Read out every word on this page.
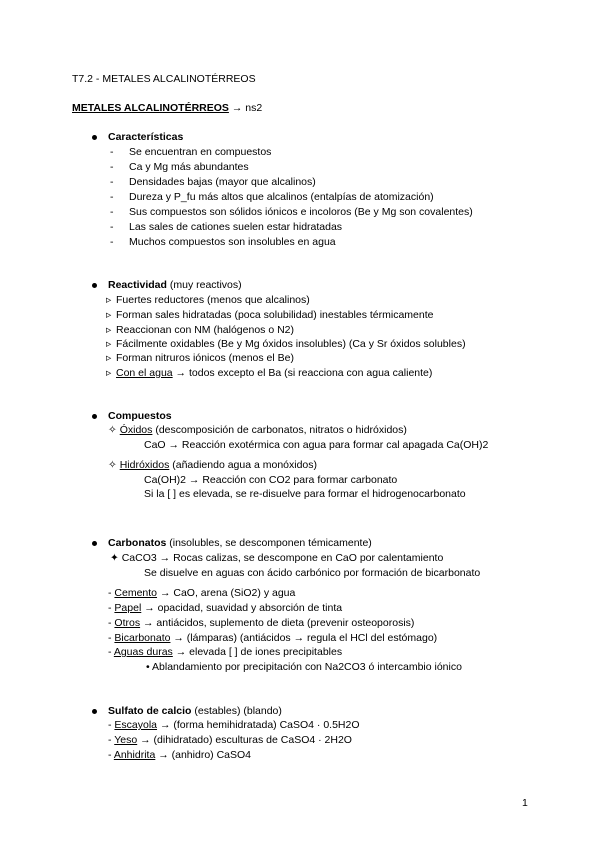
T7.2 - METALES ALCALINOTÉRREOS
METALES ALCALINOTÉRREOS → ns2
Características
- Se encuentran en compuestos
- Ca y Mg más abundantes
- Densidades bajas (mayor que alcalinos)
- Dureza y P_fu más altos que alcalinos (entalpías de atomización)
- Sus compuestos son sólidos iónicos e incoloros (Be y Mg son covalentes)
- Las sales de cationes suelen estar hidratadas
- Muchos compuestos son insolubles en agua
Reactividad (muy reactivos)
▹ Fuertes reductores (menos que alcalinos)
▹ Forman sales hidratadas (poca solubilidad) inestables térmicamente
▹ Reaccionan con NM (halógenos o N2)
▹ Fácilmente oxidables (Be y Mg óxidos insolubles) (Ca y Sr óxidos solubles)
▹ Forman nitruros iónicos (menos el Be)
▹ Con el agua → todos excepto el Ba (si reacciona con agua caliente)
Compuestos
✧ Óxidos (descomposición de carbonatos, nitratos o hidróxidos)
CaO → Reacción exotérmica con agua para formar cal apagada Ca(OH)2
✧ Hidróxidos (añadiendo agua a monóxidos)
Ca(OH)2 → Reacción con CO2 para formar carbonato
Si la [ ] es elevada, se re-disuelve para formar el hidrogenocarbonato
Carbonatos (insolubles, se descomponen témicamente)
✦ CaCO3 → Rocas calizas, se descompone en CaO por calentamiento
Se disuelve en aguas con ácido carbónico por formación de bicarbonato
- Cemento → CaO, arena (SiO2) y agua
- Papel → opacidad, suavidad y absorción de tinta
- Otros → antiácidos, suplemento de dieta (prevenir osteoporosis)
- Bicarbonato → (lámparas) (antiácidos → regula el HCl del estómago)
- Aguas duras → elevada [ ] de iones precipitables
• Ablandamiento por precipitación con Na2CO3 ó intercambio iónico
Sulfato de calcio (estables) (blando)
- Escayola → (forma hemihidratada) CaSO4 · 0.5H2O
- Yeso → (dihidratado) esculturas de CaSO4 · 2H2O
- Anhidrita → (anhidro) CaSO4
1
